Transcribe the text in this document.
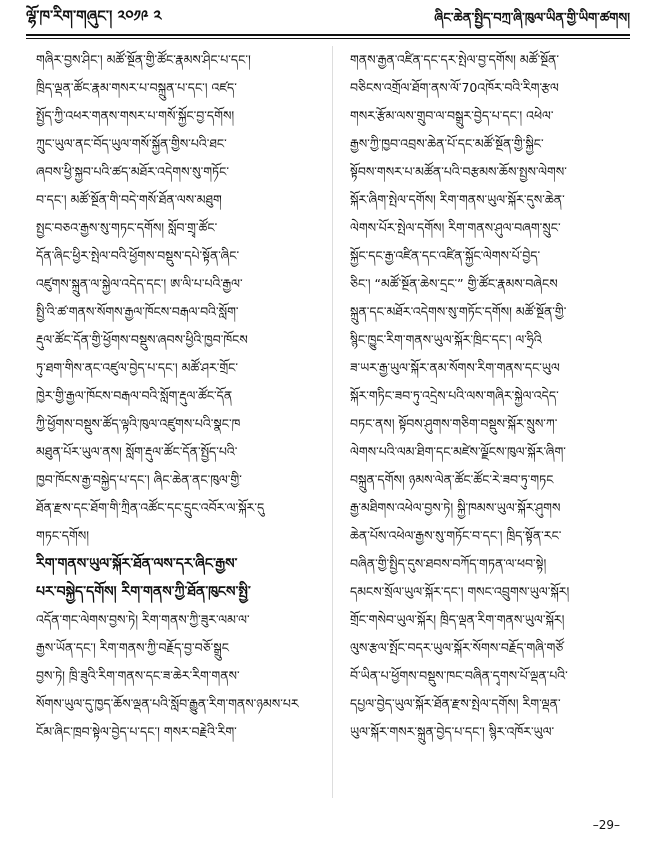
ལྷོ་ཁ་རིག་གཞུང་། ༢༠༡༩ ༢	ཞིང་ཆེན་སྤྱིད་བཀྲ་ཞི་ཁུལ་ཡིན་གྱི་ཡིག་ཚགས།
གཞིར་བྱས་ཤིང་། མཚོ་སྔོན་གྱི་ཚོང་རྣམས་ཤིང་པ་དང་།
ཁྲིད་ལྡན་ཚོང་རྣམ་གསར་པ་བསྐྲུན་པ་དང་། འཛད་
སྤྱོད་ཀྱི་འཕར་གནས་གསར་པ་གསོ་སྐྱོང་བྱ་དགོས།
ཀྲུང་ཡུལ་ནང་བོད་ཡུལ་གསོ་སྐྱོན་གྱིས་པའི་ཐང་
ཞབས་ཕྱི་སྐྱབ་པའི་ཚད་མཐོར་འདེགས་སུ་གཏོང་
བ་དང་། མཚོ་སྔོན་གི་བདེ་གསོ་ཐོན་ལས་མཐུག
སྤྱང་བཅའ་རྒྱས་སུ་གཏང་དགོས། སློབ་གྲྭ་ཚོང་
དོན་ཞིང་ཕྱིར་སྤེལ་བའི་ཕྱོགས་བསྡུས་དཔེ་སྟོན་ཞིང་
འཛུགས་སྐྲུན་ལ་སྐྱེལ་འདེད་དང་། ཨ་ལི་པ་པའི་རྒྱལ་
སྤྱི་འི་ཚ་གནས་སོགས་རྒྱལ་ཁོངས་བརྒལ་བའི་སློག་
རྡུལ་ཚོང་དོན་གྱི་ཕྱོགས་བསྡུས་ཞབས་ཕྱིའི་ཁྱབ་ཁོངས
ཏུ་ཐག་གིས་ནང་འཛུལ་བྱེད་པ་དང་། མཚོ་ཤར་གྲོང་
ཁྱེར་གྱི་རྒྱལ་ཁོངས་བརྒལ་བའི་སློག་རྡུལ་ཚོང་དོན
ཀྱི་ཕྱོགས་བསྡུས་ཚོད་ལྟའི་ཁུལ་འཛུགས་པའི་སྣང་ཁ
མཐུན་པོར་ཡུལ་ནས། སློག་རྡུལ་ཚོང་དོན་སྤྱོད་པའི་
ཁྱབ་ཁོངས་རྒྱ་བསྐྱེད་པ་དང་། ཞིང་ཆེན་ནང་ཁུལ་གྱི་
ཐོན་རྫས་དང་ཐོག་གི་ཀྲིན་འཚོང་དང་དྲུང་འབོར་ལ་སྐོར་དུ
གཏང་དགོས།
རིག་གནས་ཡུལ་སྐོར་ཐོན་ལས་དར་ཞིང་རྒྱས་
པར་བསྐྱེད་དགོས། རིག་གནས་ཀྱི་ཐོན་ཁུངས་སྤྱི་
འདོན་གང་ལེགས་བྱས་ཏེ། རིག་གནས་ཀྱི་ཟུར་ལམ་ལ་
རྒྱས་ཡོན་དང་། རིག་གནས་ཀྱི་བརྗོད་བྱ་བཅོ་སྒྲུང
བྱས་ཏེ། ཁྲི་ཟུའི་རིག་གནས་དང་ཟ་ཆེར་རིག་གནས་
སོགས་ཡུལ་དུ་ཁྱད་ཆོས་ལྡན་པའི་སློབ་རྒྱུན་རིག་གནས་ཉམས་པར
ངོམ་ཞིང་ཁྲབ་སྟེལ་བྱེད་པ་དང་། གསར་བརྗེའི་རིག་
གནས་རྒྱན་འཛིན་དང་དར་སྤེལ་བྱ་དགོས། མཚོ་སྔོན་
བཅིངས་འགྲོལ་ཐོག་ནས་ལོ་70འཁོར་བའི་རིག་རྩལ
གསར་རྩོམ་ལས་གྲུབ་ལ་བསྒྲུར་བྱེད་པ་དང་། འཕེལ་
རྒྱས་ཀྱི་ཁྱབ་འབྲས་ཆེན་པོ་དང་མཚོ་སྔོན་གྱི་སྐྱིང་
སྟོབས་གསར་པ་མཚོན་པའི་བརྩམས་ཆོས་སྤྱས་ལེགས་
སྐོར་ཞིག་སྤེལ་དགོས། རིག་གནས་ཡུལ་སྐོར་དུས་ཆེན་
ལེགས་པོར་སྤེལ་དགོས། རིག་གནས་ཤུལ་བཞག་སྲུང་
སྐྱོང་དང་རྒྱ་འཛིན་དང་འཛིན་སྐྱོང་ལེགས་པོ་བྱེད་
ཅིང་། “མཚོ་སྔོན་ཆེས་དྲང་” གྱི་ཚོང་རྣམས་བཞེངས
སྐྲུན་དང་མཐོར་འདེགས་སུ་གཏོང་དགོས། མཚོ་སྔོན་གྱི་
སྙིང་ཁྱུང་རིག་གནས་ཡུལ་སྐོར་ཁྲིང་དང་། ལ་ཧྲིའི
ཟ་ཡར་རྒྱ་ཡུལ་སྐོར་ནམ་སོགས་རིག་གནས་དང་ཡུལ
སྐོར་གཏིང་ཟབ་ཏུ་འདྲེས་པའི་ལས་གཞིར་སྐྱེལ་འདེད་
བཏང་ནས། སྟོབས་ཤུགས་གཅིག་བསྡུས་སྐོར་སྲུས་ཀ་
ལེགས་པའི་ལམ་ཐིག་དང་མཛེས་ལྗོངས་ཁུལ་སྐོར་ཞིག་
བསྐྲུན་དགོས། ཉམས་ལེན་ཚོང་ཚོང་རེ་ཟབ་ཏུ་གཏང
རྒྱ་མཐིགས་འཕེལ་བྱས་ཏེ། སྐྱི་ཁམས་ཡུལ་སྐོར་ཤུགས
ཆེན་པོས་འཕེལ་རྒྱས་སུ་གཏོང་བ་དང་། ཁྲིད་སྟོན་རང་
བཞིན་གྱི་སྤྱིད་དུས་ཐབས་བཀོད་གཏན་ལ་ཕབ་སྟེ།
དམངས་སྲོལ་ཡུལ་སྐོར་དང་། གསང་འབྲུགས་ཡུལ་སྐོར།
གྲོང་གསེབ་ཡུལ་སྐོར། ཁྲིད་ལྡན་རིག་གནས་ཡུལ་སྐོར།
ལུས་རྩལ་སྤོང་བདར་ཡུལ་སྐོར་སོགས་བརྗོད་གཞི་གཙོ
བོ་ཡིན་པ་ཕྱོགས་བསྡུས་ཁང་བཞིན་དྭགས་པོ་ལྡན་པའི་
དཔྱལ་བྱེད་ཡུལ་སྐོར་ཐོན་རྫས་སྤེལ་དགོས། རིག་ལྡན་
ཡུལ་སྐོར་གསར་སྐྲུན་བྱེད་པ་དང་། སྙིར་འཁོར་ཡུལ་
–29–
